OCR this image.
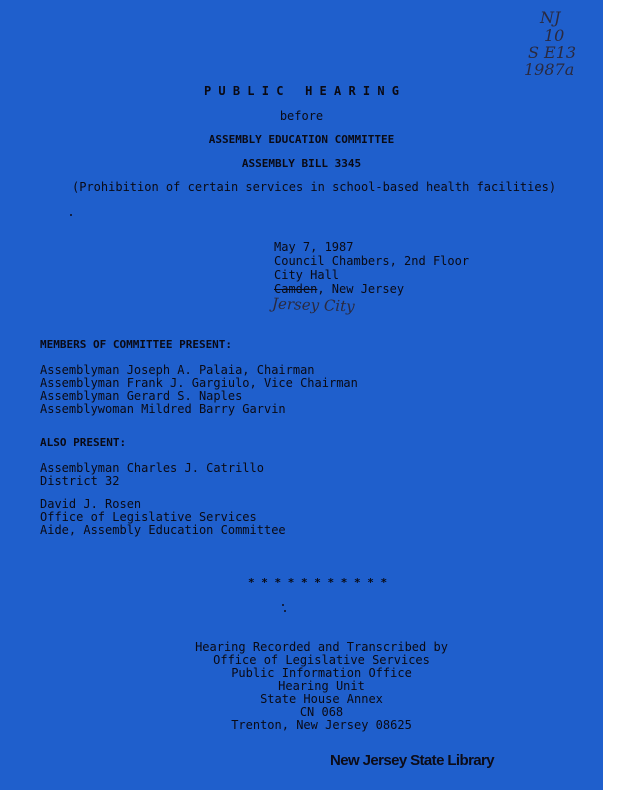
NJ
10
S E13
1987a
P U B L I C   H E A R I N G
before
ASSEMBLY EDUCATION COMMITTEE
ASSEMBLY BILL 3345
(Prohibition of certain services in school-based health facilities)
May 7, 1987
Council Chambers, 2nd Floor
City Hall
Camden, New Jersey
Jersey City
MEMBERS OF COMMITTEE PRESENT:
Assemblyman Joseph A. Palaia, Chairman
Assemblyman Frank J. Gargiulo, Vice Chairman
Assemblyman Gerard S. Naples
Assemblywoman Mildred Barry Garvin
ALSO PRESENT:
Assemblyman Charles J. Catrillo
District 32
David J. Rosen
Office of Legislative Services
Aide, Assembly Education Committee
* * * * * * * * * * *
Hearing Recorded and Transcribed by
Office of Legislative Services
Public Information Office
Hearing Unit
State House Annex
CN 068
Trenton, New Jersey 08625
New Jersey State Library
